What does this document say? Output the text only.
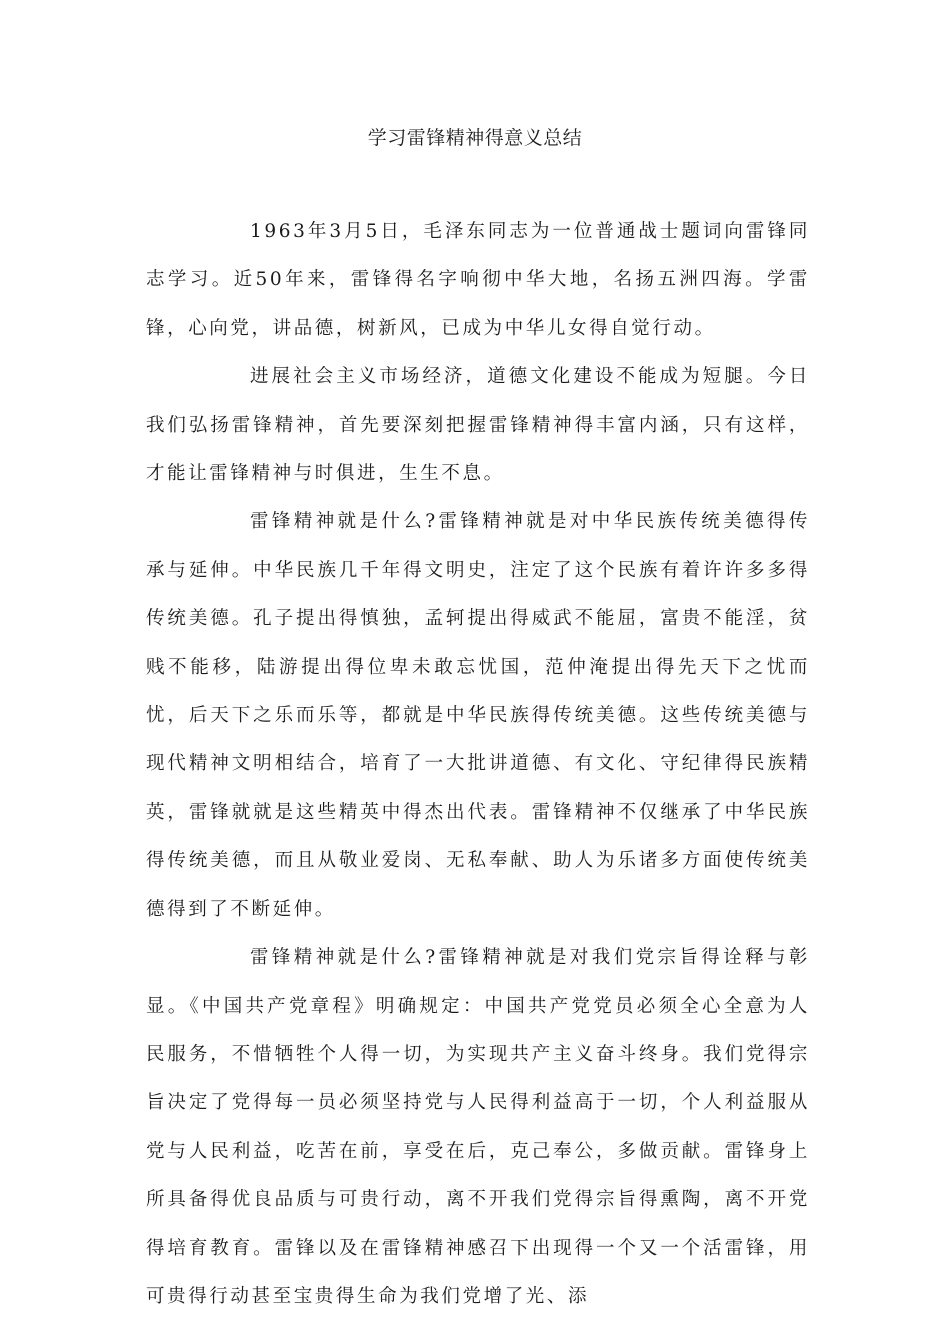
学习雷锋精神得意义总结

1963年3月5日，毛泽东同志为一位普通战士题词向雷锋同志学习。近50年来，雷锋得名字响彻中华大地，名扬五洲四海。学雷锋，心向党，讲品德，树新风，已成为中华儿女得自觉行动。

进展社会主义市场经济，道德文化建设不能成为短腿。今日我们弘扬雷锋精神，首先要深刻把握雷锋精神得丰富内涵，只有这样，才能让雷锋精神与时俱进，生生不息。

雷锋精神就是什么?雷锋精神就是对中华民族传统美德得传承与延伸。中华民族几千年得文明史，注定了这个民族有着许许多多得传统美德。孔子提出得慎独，孟轲提出得威武不能屈，富贵不能淫，贫贱不能移，陆游提出得位卑未敢忘忧国，范仲淹提出得先天下之忧而忧，后天下之乐而乐等，都就是中华民族得传统美德。这些传统美德与现代精神文明相结合，培育了一大批讲道德、有文化、守纪律得民族精英，雷锋就就是这些精英中得杰出代表。雷锋精神不仅继承了中华民族得传统美德，而且从敬业爱岗、无私奉献、助人为乐诸多方面使传统美德得到了不断延伸。

雷锋精神就是什么?雷锋精神就是对我们党宗旨得诠释与彰显。《中国共产党章程》明确规定：中国共产党党员必须全心全意为人民服务，不惜牺牲个人得一切，为实现共产主义奋斗终身。我们党得宗旨决定了党得每一员必须坚持党与人民得利益高于一切，个人利益服从党与人民利益，吃苦在前，享受在后，克己奉公，多做贡献。雷锋身上所具备得优良品质与可贵行动，离不开我们党得宗旨得熏陶，离不开党得培育教育。雷锋以及在雷锋精神感召下出现得一个又一个活雷锋，用可贵得行动甚至宝贵得生命为我们党增了光、添
